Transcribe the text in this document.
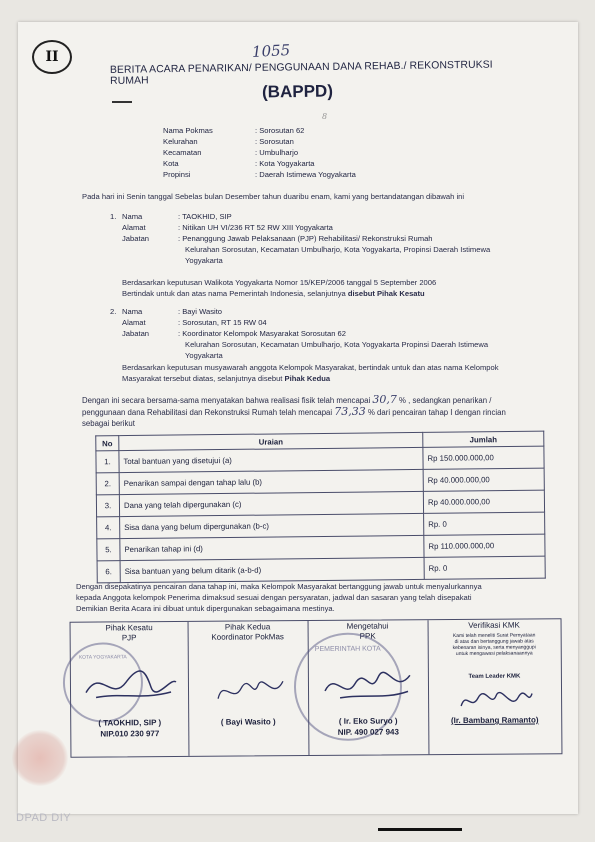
1055
8
II
BERITA ACARA PENARIKAN/ PENGGUNAAN DANA REHAB./ REKONSTRUKSI RUMAH
(BAPPD)
Nama Pokmas	: Sorosutan 62
Kelurahan	: Sorosutan
Kecamatan	: Umbulharjo
Kota	: Kota Yogyakarta
Propinsi	: Daerah Istimewa Yogyakarta
Pada hari ini Senin tanggal Sebelas bulan Desember tahun duaribu enam, kami yang bertandatangan dibawah ini
1. Nama	: TAOKHID, SIP
Alamat	: Nitikan UH VI/236 RT 52 RW XIII Yogyakarta
Jabatan	: Penanggung Jawab Pelaksanaan (PJP) Rehabilitasi/ Rekonstruksi Rumah
Kelurahan Sorosutan, Kecamatan Umbulharjo, Kota Yogyakarta, Propinsi Daerah Istimewa
Yogyakarta
Berdasarkan keputusan Walikota Yogyakarta Nomor 15/KEP/2006 tanggal 5 September 2006
Bertindak untuk dan atas nama Pemerintah Indonesia, selanjutnya disebut Pihak Kesatu
2. Nama	: Bayi Wasito
Alamat	: Sorosutan, RT 15 RW 04
Jabatan	: Koordinator Kelompok Masyarakat Sorosutan 62
Kelurahan Sorosutan, Kecamatan Umbulharjo, Kota Yogyakarta Propinsi Daerah Istimewa
Yogyakarta
Berdasarkan keputusan musyawarah anggota Kelompok Masyarakat, bertindak untuk dan atas nama Kelompok
Masyarakat tersebut diatas, selanjutnya disebut Pihak Kedua
Dengan ini secara bersama-sama menyatakan bahwa realisasi fisik telah mencapai 30,7 % , sedangkan penarikan /
penggunaan dana Rehabilitasi dan Rekonstruksi Rumah telah mencapai 73,33 % dari pencairan tahap I dengan rincian
sebagai berikut
No	Uraian	Jumlah
1.	Total bantuan yang disetujui (a)	Rp 150.000.000,00
2.	Penarikan sampai dengan tahap lalu (b)	Rp 40.000.000,00
3.	Dana yang telah dipergunakan (c)	Rp 40.000.000,00
4.	Sisa dana yang belum dipergunakan (b-c)	Rp. 0
5.	Penarikan tahap ini (d)	Rp 110.000.000,00
6.	Sisa bantuan yang belum ditarik (a-b-d)	Rp. 0
Dengan disepakatinya pencairan dana tahap ini, maka Kelompok Masyarakat bertanggung jawab untuk menyalurkannya
kepada Anggota kelompok Penerima dimaksud sesuai dengan persyaratan, jadwal dan sasaran yang telah disepakati
Demikian Berita Acara ini dibuat untuk dipergunakan sebagaimana mestinya.
Pihak Kesatu
PJP
KOTA YOGYAKARTA
( TAOKHID, SIP )
NIP.010 230 977
Pihak Kedua
Koordinator PokMas
( Bayi Wasito )
Mengetahui
PPK
PEMERINTAH KOTA
( Ir. Eko Suryo )
NIP. 490 027 943
Verifikasi KMK
Kami telah meneliti Surat Pernyataan
di atas dan bertanggung jawab atas
kebenaran isinya, serta menyanggupi
untuk mengawasi pelaksanaannya
Team Leader KMK
(Ir. Bambang Ramanto)
DPAD DIY
